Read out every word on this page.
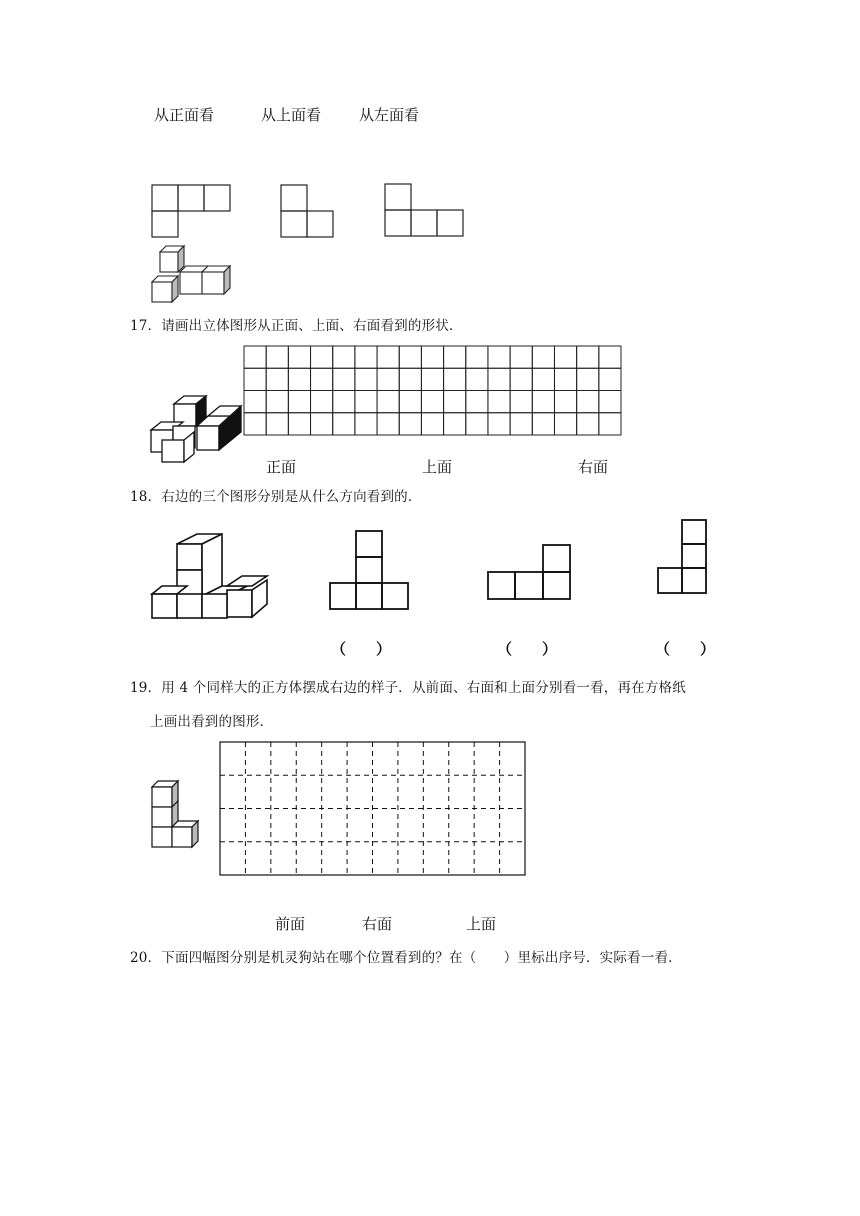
从正面看	从上面看	从左面看
17．请画出立体图形从正面、上面、右面看到的形状．
正面	上面	右面
18．右边的三个图形分别是从什么方向看到的．
（　　）	（　　）	（　　）
19．用 4 个同样大的正方体摆成右边的样子．从前面、右面和上面分别看一看，再在方格纸
上画出看到的图形．
前面	右面	上面
20．下面四幅图分别是机灵狗站在哪个位置看到的？在（　　）里标出序号．实际看一看．
